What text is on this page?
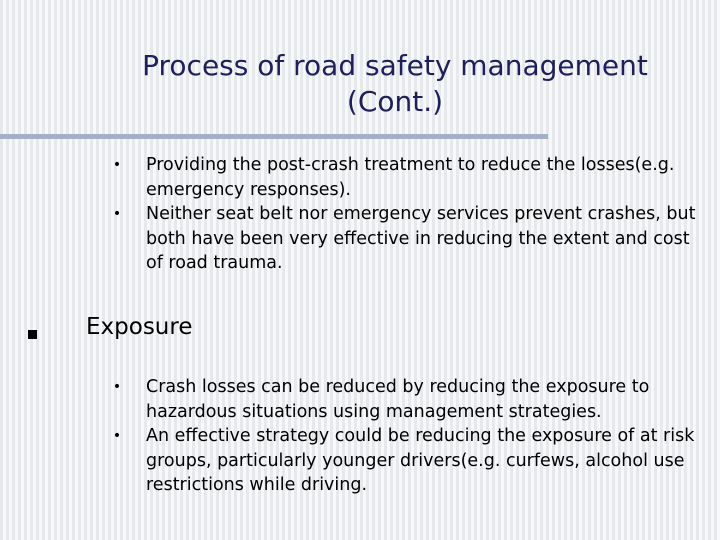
Process of road safety management (Cont.)
• Providing the post-crash treatment to reduce the losses(e.g. emergency responses).
• Neither seat belt nor emergency services prevent crashes, but both have been very effective in reducing the extent and cost of road trauma.
Exposure
• Crash losses can be reduced by reducing the exposure to hazardous situations using management strategies.
• An effective strategy could be reducing the exposure of at risk groups, particularly younger drivers(e.g. curfews, alcohol use restrictions while driving.
